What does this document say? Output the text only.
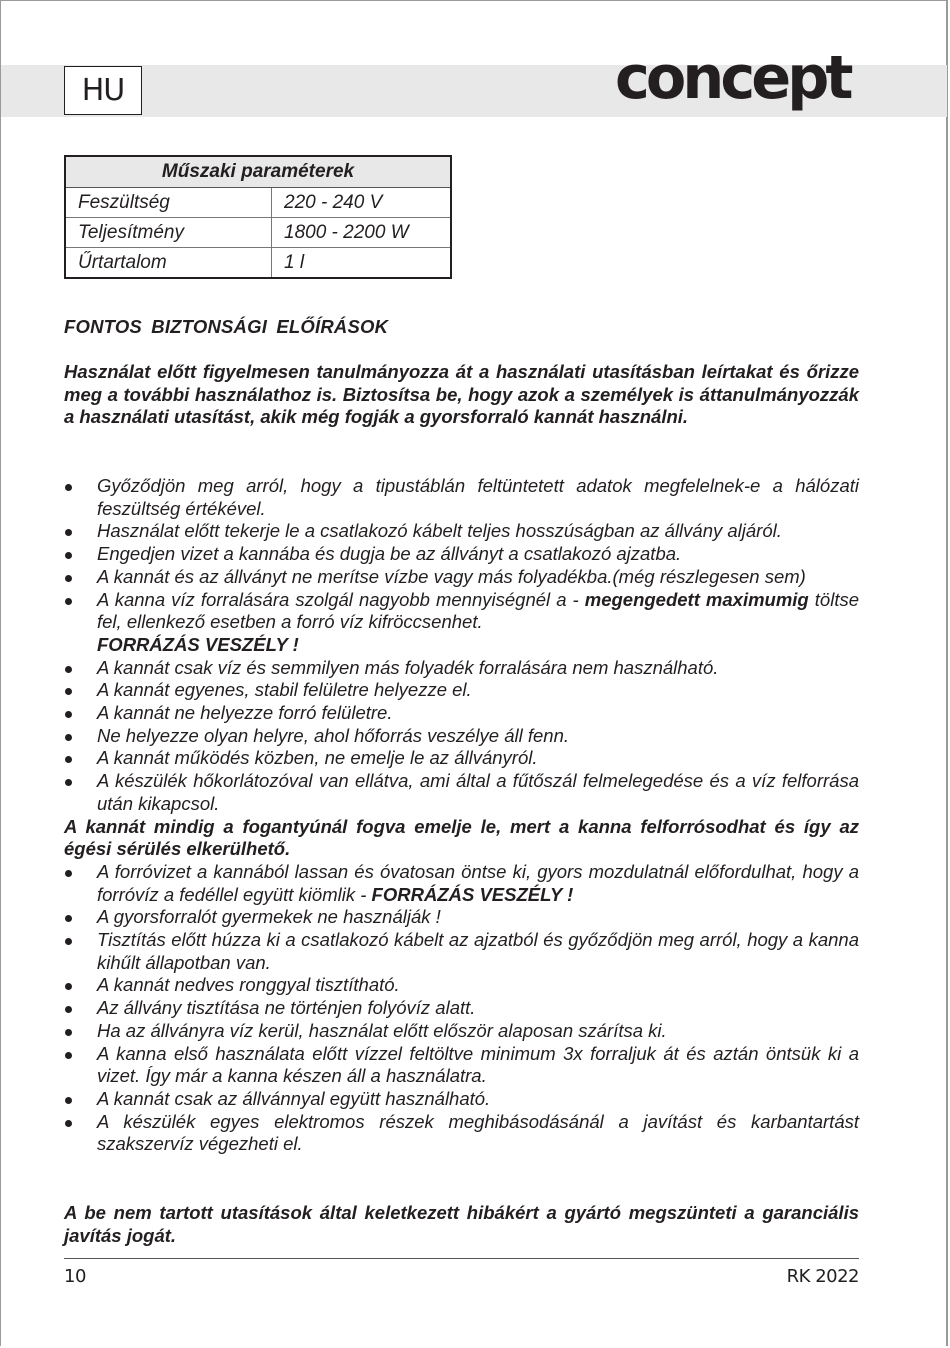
HU	concept
Műszaki paraméterek	
Feszültség	220 - 240 V
Teljesítmény	1800 - 2200 W
Űrtartalom	1 l
FONTOS BIZTONSÁGI ELŐÍRÁSOK

Használat előtt figyelmesen tanulmányozza át a használati utasításban leírtakat és őrizze meg a további használathoz is. Biztosítsa be, hogy azok a személyek is áttanulmányozzák a használati utasítást, akik még fogják a gyorsforraló kannát használni.

Győződjön meg arról, hogy a tipustáblán feltüntetett adatok megfelelnek-e a hálózati feszültség értékével.
Használat előtt tekerje le a csatlakozó kábelt teljes hosszúságban az állvány aljáról.
Engedjen vizet a kannába és dugja be az állványt a csatlakozó ajzatba.
A kannát és az állványt ne merítse vízbe vagy más folyadékba.(még részlegesen sem)
A kanna víz forralására szolgál nagyobb mennyiségnél a - megengedett maximumig töltse fel, ellenkező esetben a forró víz kifröccsenhet.
FORRÁZÁS VESZÉLY !
A kannát csak víz és semmilyen más folyadék forralására nem használható.
A kannát egyenes, stabil felületre helyezze el.
A kannát ne helyezze forró felületre.
Ne helyezze olyan helyre, ahol hőforrás veszélye áll fenn.
A kannát működés közben, ne emelje le az állványról.
A készülék hőkorlátozóval van ellátva, ami által a fűtőszál felmelegedése és a víz felforrása után kikapcsol.
A kannát mindig a fogantyúnál fogva emelje le, mert a kanna felforrósodhat és így az égési sérülés elkerülhető.
A forróvizet a kannából lassan és óvatosan öntse ki, gyors mozdulatnál előfordulhat, hogy a forróvíz a fedéllel együtt kiömlik - FORRÁZÁS VESZÉLY !
A gyorsforralót gyermekek ne használják !
Tisztítás előtt húzza ki a csatlakozó kábelt az ajzatból és győződjön meg arról, hogy a kanna kihűlt állapotban van.
A kannát nedves ronggyal tisztítható.
Az állvány tisztítása ne történjen folyóvíz alatt.
Ha az állványra víz kerül, használat előtt először alaposan szárítsa ki.
A kanna első használata előtt vízzel feltöltve minimum 3x forraljuk át és aztán öntsük ki a vizet. Így már a kanna készen áll a használatra.
A kannát csak az állvánnyal együtt használható.
A készülék egyes elektromos részek meghibásodásánál a javítást és karbantartást szakszervíz végezheti el.

A be nem tartott utasítások által keletkezett hibákért a gyártó megszünteti a garanciális javítás jogát.

10	RK 2022
